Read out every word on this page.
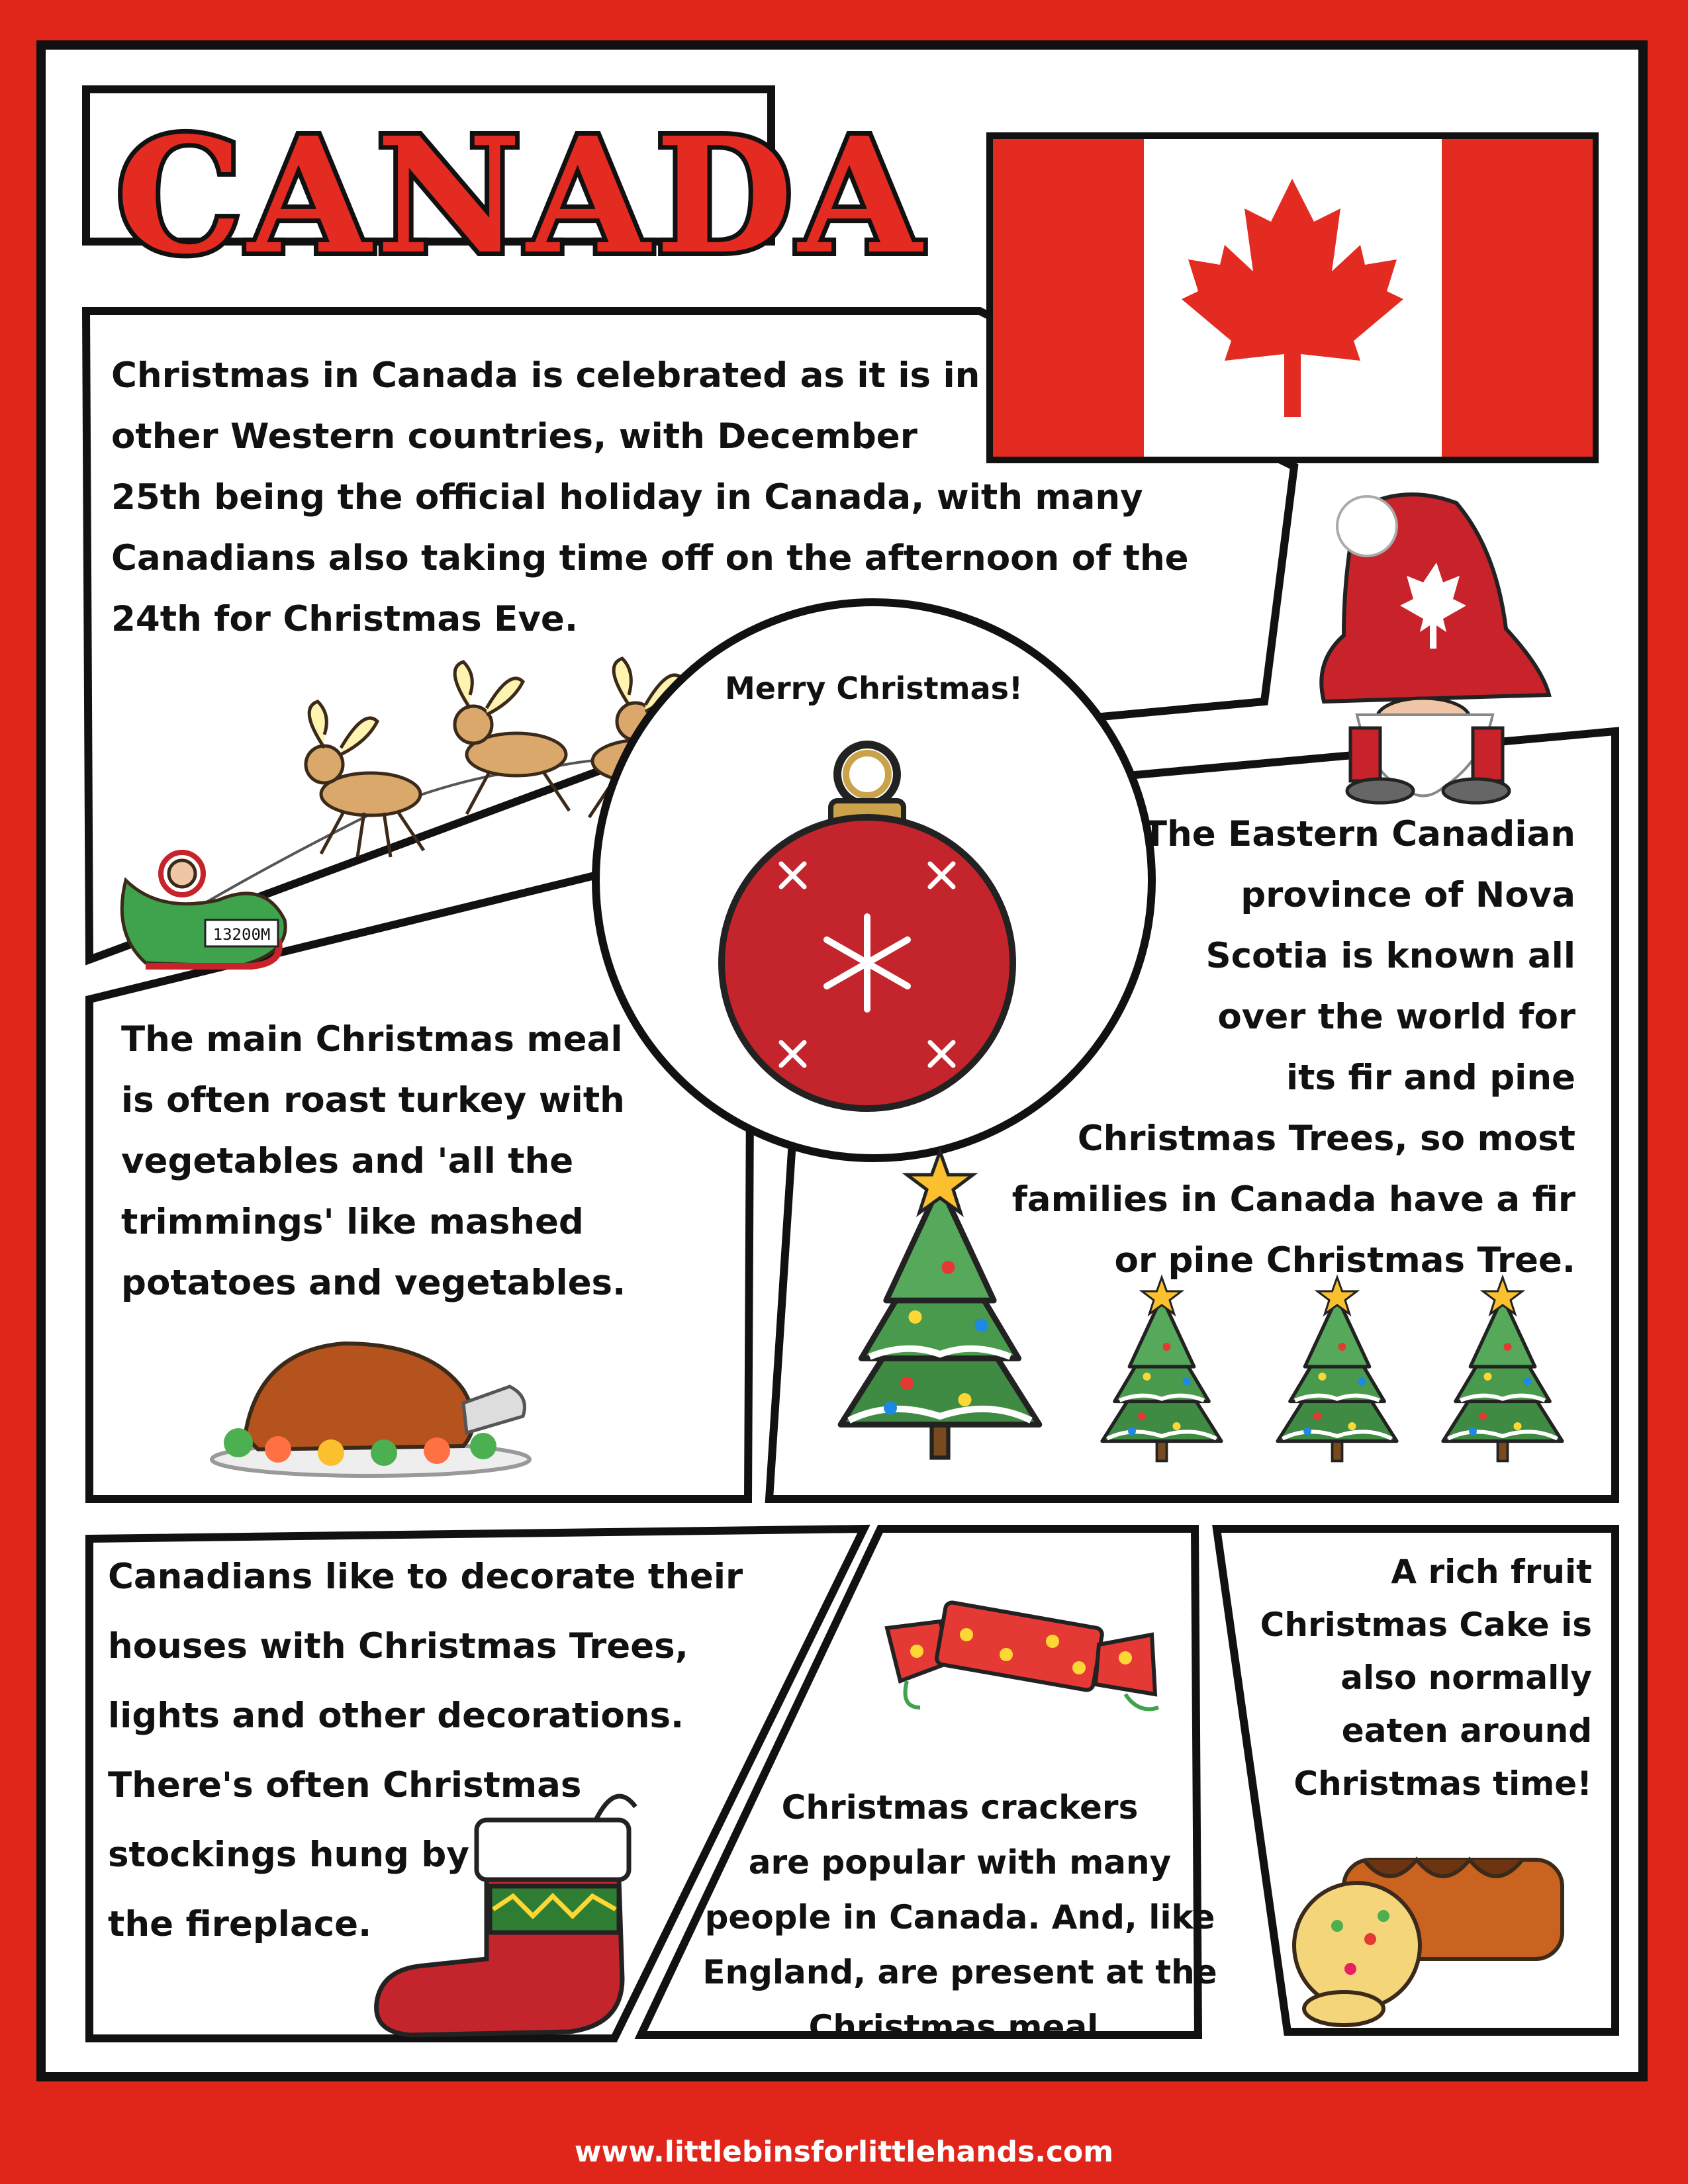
13200M
CANADA
Merry Christmas!
Christmas in Canada is celebrated as it is in
other Western countries, with December
25th being the official holiday in Canada, with many
Canadians also taking time off on the afternoon of the
24th for Christmas Eve.
The main Christmas meal
is often roast turkey with
vegetables and 'all the
trimmings' like mashed
potatoes and vegetables.
The Eastern Canadian
province of Nova
Scotia is known all
over the world for
its fir and pine
Christmas Trees, so most
families in Canada have a fir
or pine Christmas Tree.
Canadians like to decorate their
houses with Christmas Trees,
lights and other decorations.
There's often Christmas
stockings hung by
the fireplace.
Christmas crackers
are popular with many
people in Canada. And, like
England, are present at the
Christmas meal.
A rich fruit
Christmas Cake is
also normally
eaten around
Christmas time!
www.littlebinsforlittlehands.com
